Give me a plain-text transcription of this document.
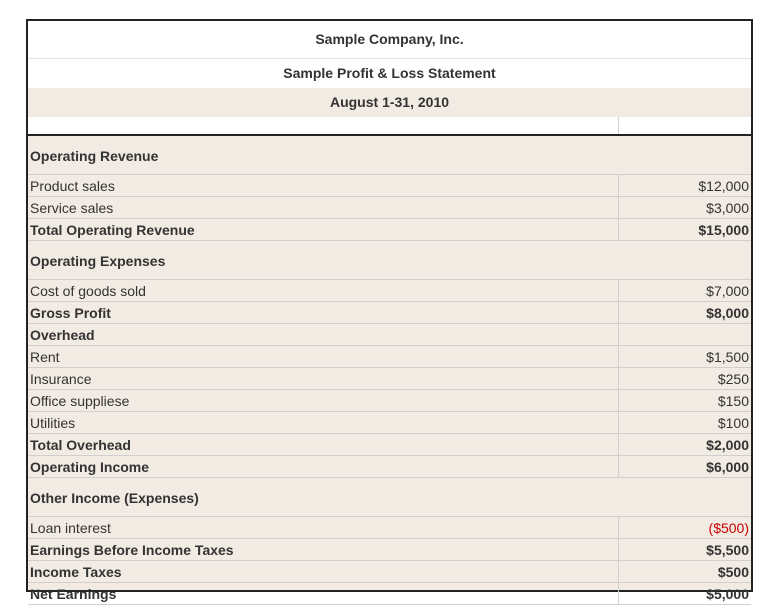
Sample Company, Inc.
Sample Profit & Loss Statement
August 1-31, 2010
Operating Revenue
Product sales	$12,000
Service sales	$3,000
Total Operating Revenue	$15,000
Operating Expenses
Cost of goods sold	$7,000
Gross Profit	$8,000
Overhead
Rent	$1,500
Insurance	$250
Office suppliese	$150
Utilities	$100
Total Overhead	$2,000
Operating Income	$6,000
Other Income (Expenses)
Loan interest	($500)
Earnings Before Income Taxes	$5,500
Income Taxes	$500
Net Earnings	$5,000
